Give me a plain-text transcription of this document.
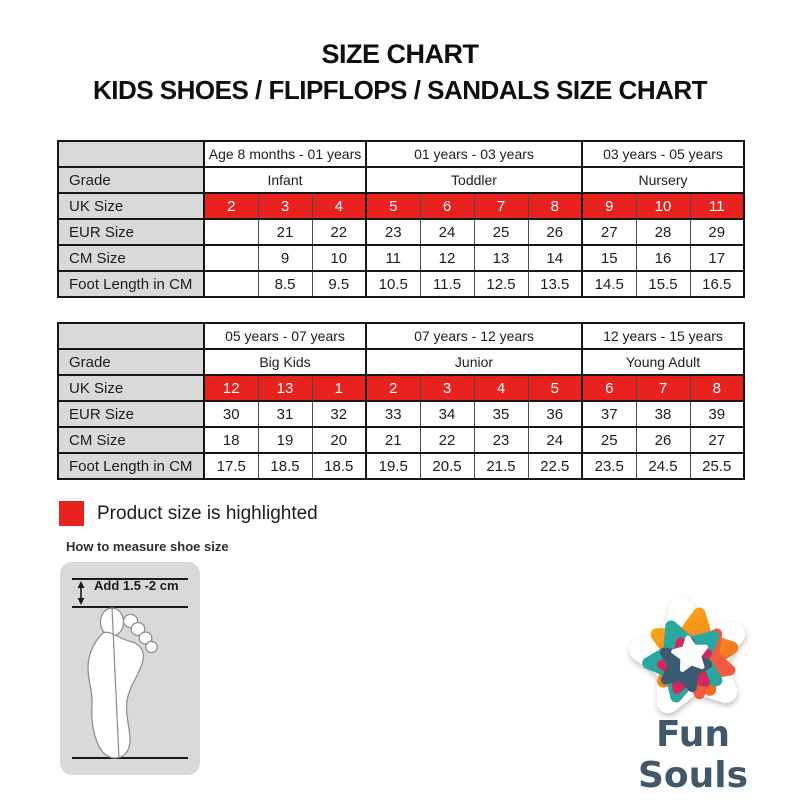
SIZE CHART
KIDS SHOES / FLIPFLOPS / SANDALS SIZE CHART
	Age 8 months - 01 years			01 years - 03 years				03 years - 05 years		
Grade	Infant			Toddler				Nursery		
UK Size	2	3	4	5	6	7	8	9	10	11
EUR Size		21	22	23	24	25	26	27	28	29
CM Size		9	10	11	12	13	14	15	16	17
Foot Length in CM		8.5	9.5	10.5	11.5	12.5	13.5	14.5	15.5	16.5
	05 years - 07 years			07 years - 12 years				12 years - 15 years		
Grade	Big Kids			Junior				Young Adult		
UK Size	12	13	1	2	3	4	5	6	7	8
EUR Size	30	31	32	33	34	35	36	37	38	39
CM Size	18	19	20	21	22	23	24	25	26	27
Foot Length in CM	17.5	18.5	18.5	19.5	20.5	21.5	22.5	23.5	24.5	25.5
Product size is highlighted
How to measure shoe size
Add 1.5 -2 cm
Fun Souls
